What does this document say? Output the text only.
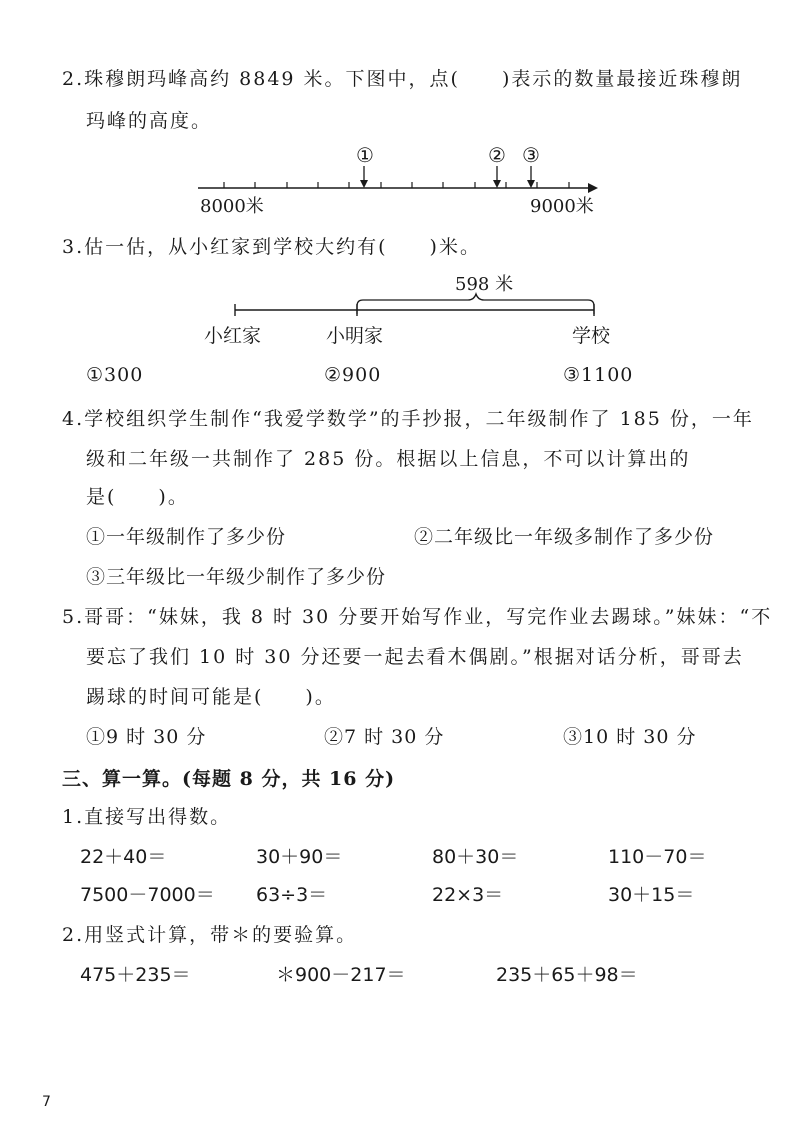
2.珠穆朗玛峰高约 8849 米。下图中，点(　　)表示的数量最接近珠穆朗
玛峰的高度。
①	② ③
8000米	9000米
3.估一估，从小红家到学校大约有(　　)米。
598 米
小红家	小明家	学校
①300	②900	③1100
4.学校组织学生制作“我爱学数学”的手抄报，二年级制作了 185 份，一年
级和二年级一共制作了 285 份。根据以上信息，不可以计算出的
是(　　)。
①一年级制作了多少份	②二年级比一年级多制作了多少份
③三年级比一年级少制作了多少份
5.哥哥：“妹妹，我 8 时 30 分要开始写作业，写完作业去踢球。”妹妹：“不
要忘了我们 10 时 30 分还要一起去看木偶剧。”根据对话分析，哥哥去
踢球的时间可能是(　　)。
①9 时 30 分	②7 时 30 分	③10 时 30 分
三、算一算。(每题 8 分，共 16 分)
1.直接写出得数。
22＋40＝	30＋90＝	80＋30＝	110－70＝
7500－7000＝ 63÷3＝	22×3＝	30＋15＝
2.用竖式计算，带＊的要验算。
475＋235＝	＊900－217＝	235＋65＋98＝
7
